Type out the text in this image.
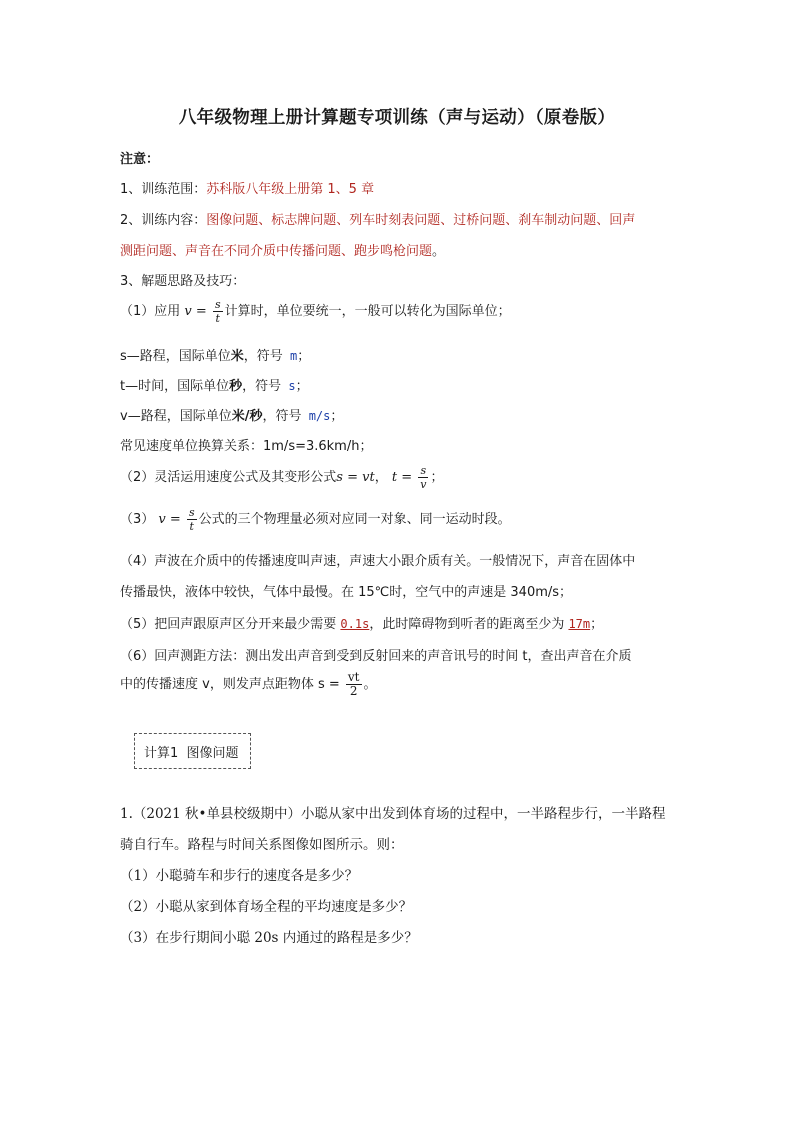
八年级物理上册计算题专项训练（声与运动）（原卷版）
注意：
1、训练范围：苏科版八年级上册第 1、5 章
2、训练内容：图像问题、标志牌问题、列车时刻表问题、过桥问题、刹车制动问题、回声
测距问题、声音在不同介质中传播问题、跑步鸣枪问题。
3、解题思路及技巧：
（1）应用 $v = \frac{s}{t}$ 计算时，单位要统一，一般可以转化为国际单位；
s—路程，国际单位米，符号 m；
t—时间，国际单位秒，符号 s；
v—路程，国际单位米/秒，符号 m/s；
常见速度单位换算关系：1m/s=3.6km/h；
（2）灵活运用速度公式及其变形公式s = vt， $t = \frac{s}{v}$ ；
（3） $v = \frac{s}{t}$ 公式的三个物理量必须对应同一对象、同一运动时段。
（4）声波在介质中的传播速度叫声速，声速大小跟介质有关。一般情况下，声音在固体中
传播最快，液体中较快，气体中最慢。在 15℃时，空气中的声速是 340m/s；
（5）把回声跟原声区分开来最少需要 0.1s，此时障碍物到听者的距离至少为 17m；
（6）回声测距方法：测出发出声音到受到反射回来的声音讯号的时间 t，查出声音在介质
中的传播速度 v，则发声点距物体 $s = \frac{vt}{2}$ 。
计算1
图像问题
1.（2021 秋•单县校级期中）小聪从家中出发到体育场的过程中，一半路程步行，一半路程
骑自行车。路程与时间关系图像如图所示。则：
（1）小聪骑车和步行的速度各是多少？
（2）小聪从家到体育场全程的平均速度是多少？
（3）在步行期间小聪 20s 内通过的路程是多少？
